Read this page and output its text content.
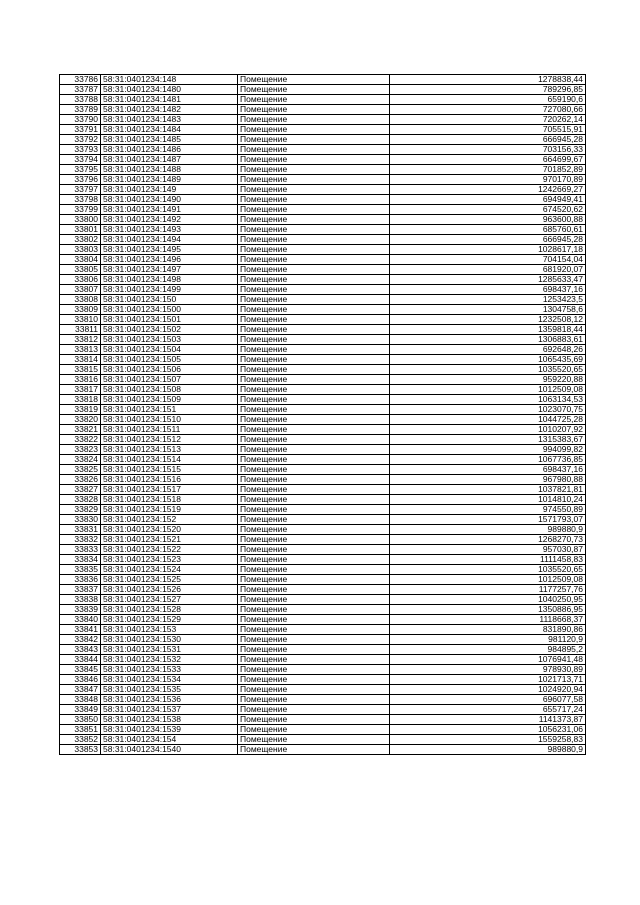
33786	58:31:0401234:148	Помещение	1278838,44
33787	58:31:0401234:1480	Помещение	789296,85
33788	58:31:0401234:1481	Помещение	659190,6
33789	58:31:0401234:1482	Помещение	727080,66
33790	58:31:0401234:1483	Помещение	720262,14
33791	58:31:0401234:1484	Помещение	705515,91
33792	58:31:0401234:1485	Помещение	666945,28
33793	58:31:0401234:1486	Помещение	703156,33
33794	58:31:0401234:1487	Помещение	664699,67
33795	58:31:0401234:1488	Помещение	701852,89
33796	58:31:0401234:1489	Помещение	970170,89
33797	58:31:0401234:149	Помещение	1242669,27
33798	58:31:0401234:1490	Помещение	694949,41
33799	58:31:0401234:1491	Помещение	674520,62
33800	58:31:0401234:1492	Помещение	963600,88
33801	58:31:0401234:1493	Помещение	685760,61
33802	58:31:0401234:1494	Помещение	666945,28
33803	58:31:0401234:1495	Помещение	1028617,18
33804	58:31:0401234:1496	Помещение	704154,04
33805	58:31:0401234:1497	Помещение	681920,07
33806	58:31:0401234:1498	Помещение	1285633,47
33807	58:31:0401234:1499	Помещение	698437,16
33808	58:31:0401234:150	Помещение	1253423,5
33809	58:31:0401234:1500	Помещение	1304758,6
33810	58:31:0401234:1501	Помещение	1232508,12
33811	58:31:0401234:1502	Помещение	1359818,44
33812	58:31:0401234:1503	Помещение	1306883,61
33813	58:31:0401234:1504	Помещение	692648,26
33814	58:31:0401234:1505	Помещение	1065435,69
33815	58:31:0401234:1506	Помещение	1035520,65
33816	58:31:0401234:1507	Помещение	959220,88
33817	58:31:0401234:1508	Помещение	1012509,08
33818	58:31:0401234:1509	Помещение	1063134,53
33819	58:31:0401234:151	Помещение	1023070,75
33820	58:31:0401234:1510	Помещение	1044725,28
33821	58:31:0401234:1511	Помещение	1010207,92
33822	58:31:0401234:1512	Помещение	1315383,67
33823	58:31:0401234:1513	Помещение	994099,82
33824	58:31:0401234:1514	Помещение	1067736,85
33825	58:31:0401234:1515	Помещение	698437,16
33826	58:31:0401234:1516	Помещение	967980,88
33827	58:31:0401234:1517	Помещение	1037821,81
33828	58:31:0401234:1518	Помещение	1014810,24
33829	58:31:0401234:1519	Помещение	974550,89
33830	58:31:0401234:152	Помещение	1571793,07
33831	58:31:0401234:1520	Помещение	989880,9
33832	58:31:0401234:1521	Помещение	1268270,73
33833	58:31:0401234:1522	Помещение	957030,87
33834	58:31:0401234:1523	Помещение	1111458,83
33835	58:31:0401234:1524	Помещение	1035520,65
33836	58:31:0401234:1525	Помещение	1012509,08
33837	58:31:0401234:1526	Помещение	1177257,76
33838	58:31:0401234:1527	Помещение	1040250,95
33839	58:31:0401234:1528	Помещение	1350886,95
33840	58:31:0401234:1529	Помещение	1118668,37
33841	58:31:0401234:153	Помещение	831890,86
33842	58:31:0401234:1530	Помещение	981120,9
33843	58:31:0401234:1531	Помещение	984895,2
33844	58:31:0401234:1532	Помещение	1076941,48
33845	58:31:0401234:1533	Помещение	978930,89
33846	58:31:0401234:1534	Помещение	1021713,71
33847	58:31:0401234:1535	Помещение	1024920,94
33848	58:31:0401234:1536	Помещение	696077,58
33849	58:31:0401234:1537	Помещение	655717,24
33850	58:31:0401234:1538	Помещение	1141373,87
33851	58:31:0401234:1539	Помещение	1056231,06
33852	58:31:0401234:154	Помещение	1559258,83
33853	58:31:0401234:1540	Помещение	989880,9
